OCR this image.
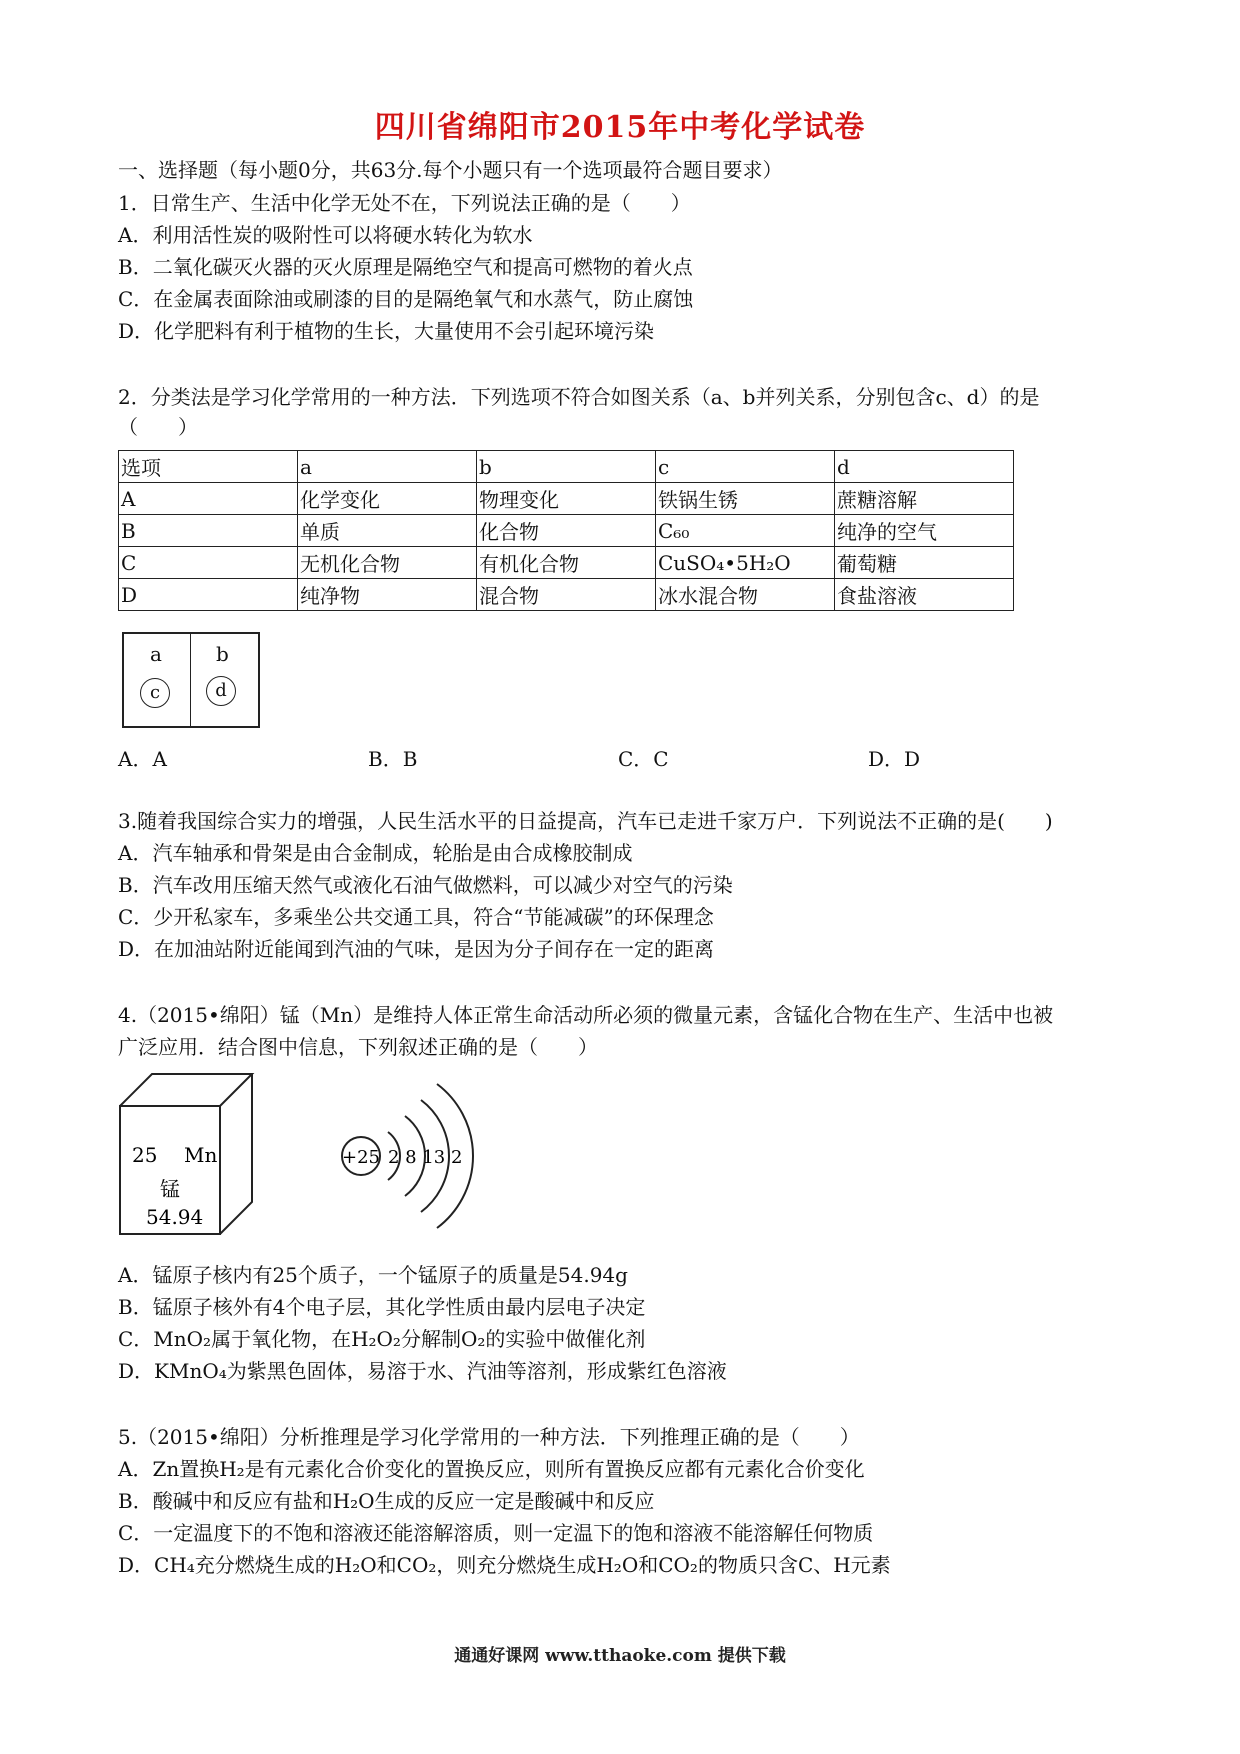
四川省绵阳市2015年中考化学试卷
一、选择题（每小题0分，共63分.每个小题只有一个选项最符合题目要求）
1．日常生产、生活中化学无处不在，下列说法正确的是（　　）
A．利用活性炭的吸附性可以将硬水转化为软水
B．二氧化碳灭火器的灭火原理是隔绝空气和提高可燃物的着火点
C．在金属表面除油或刷漆的目的是隔绝氧气和水蒸气，防止腐蚀
D．化学肥料有利于植物的生长，大量使用不会引起环境污染
2．分类法是学习化学常用的一种方法．下列选项不符合如图关系（a、b并列关系，分别包含c、d）的是
（　　）
选项	a	b	c	d
A	化学变化	物理变化	铁锅生锈	蔗糖溶解
B	单质	化合物	C₆₀	纯净的空气
C	无机化合物	有机化合物	CuSO₄•5H₂O	葡萄糖
D	纯净物	混合物	冰水混合物	食盐溶液
a	b
c	d
A．A	B．B	C．C	D．D
3.随着我国综合实力的增强，人民生活水平的日益提高，汽车已走进千家万户．下列说法不正确的是(　　)
A．汽车轴承和骨架是由合金制成，轮胎是由合成橡胶制成
B．汽车改用压缩天然气或液化石油气做燃料，可以减少对空气的污染
C．少开私家车，多乘坐公共交通工具，符合“节能减碳”的环保理念
D．在加油站附近能闻到汽油的气味，是因为分子间存在一定的距离
4.（2015•绵阳）锰（Mn）是维持人体正常生命活动所必须的微量元素，含锰化合物在生产、生活中也被
广泛应用．结合图中信息，下列叙述正确的是（　　）
25 Mn
锰
54.94
+25 2 8 13 2
A．锰原子核内有25个质子，一个锰原子的质量是54.94g
B．锰原子核外有4个电子层，其化学性质由最内层电子决定
C．MnO₂属于氧化物，在H₂O₂分解制O₂的实验中做催化剂
D．KMnO₄为紫黑色固体，易溶于水、汽油等溶剂，形成紫红色溶液
5.（2015•绵阳）分析推理是学习化学常用的一种方法．下列推理正确的是（　　）
A．Zn置换H₂是有元素化合价变化的置换反应，则所有置换反应都有元素化合价变化
B．酸碱中和反应有盐和H₂O生成的反应一定是酸碱中和反应
C．一定温度下的不饱和溶液还能溶解溶质，则一定温下的饱和溶液不能溶解任何物质
D．CH₄充分燃烧生成的H₂O和CO₂，则充分燃烧生成H₂O和CO₂的物质只含C、H元素
通通好课网 www.tthaoke.com 提供下载
